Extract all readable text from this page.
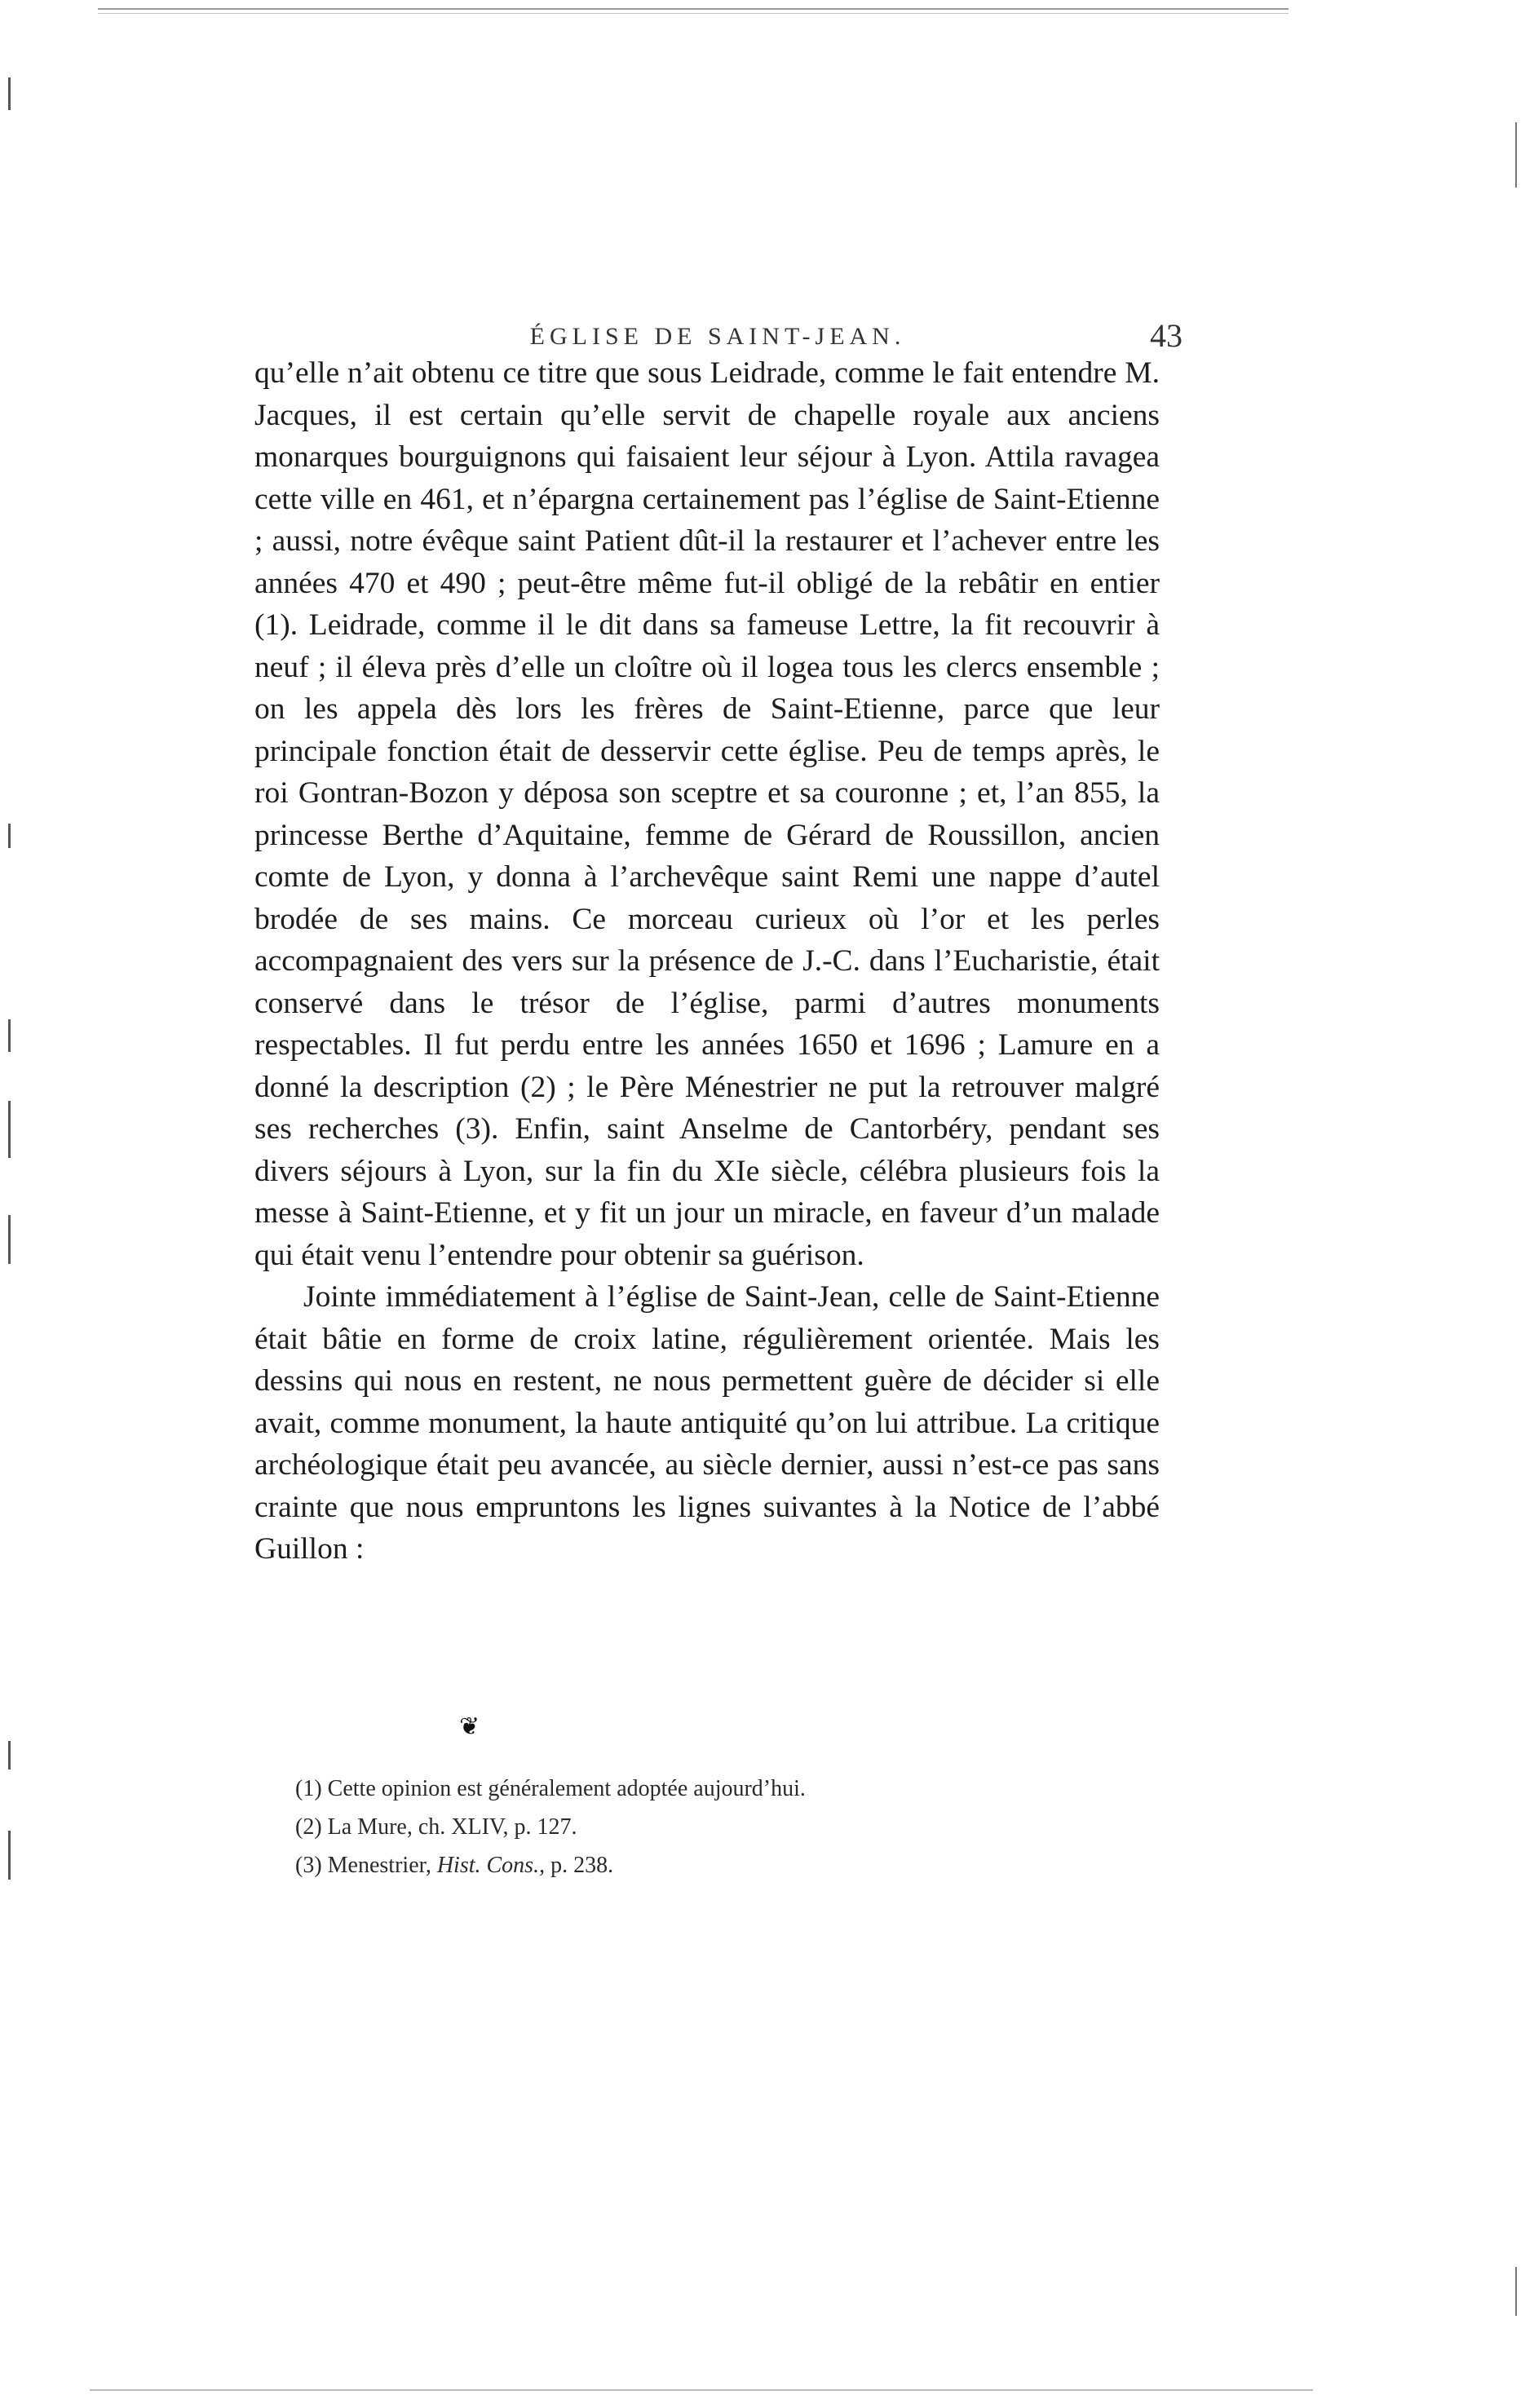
ÉGLISE DE SAINT-JEAN.	43

qu’elle n’ait obtenu ce titre que sous Leidrade, comme le fait entendre M. Jacques, il est certain qu’elle servit de chapelle royale aux anciens monarques bourguignons qui faisaient leur séjour à Lyon. Attila ravagea cette ville en 461, et n’épargna certainement pas l’église de Saint-Etienne ; aussi, notre évêque saint Patient dût-il la restaurer et l’achever entre les années 470 et 490 ; peut-être même fut-il obligé de la rebâtir en entier (1). Leidrade, comme il le dit dans sa fameuse Lettre, la fit recouvrir à neuf ; il éleva près d’elle un cloître où il logea tous les clercs ensemble ; on les appela dès lors les frères de Saint-Etienne, parce que leur principale fonction était de desservir cette église. Peu de temps après, le roi Gontran-Bozon y déposa son sceptre et sa couronne ; et, l’an 855, la princesse Berthe d’Aquitaine, femme de Gérard de Roussillon, ancien comte de Lyon, y donna à l’archevêque saint Remi une nappe d’autel brodée de ses mains. Ce morceau curieux où l’or et les perles accompagnaient des vers sur la présence de J.-C. dans l’Eucharistie, était conservé dans le trésor de l’église, parmi d’autres monuments respectables. Il fut perdu entre les années 1650 et 1696 ; Lamure en a donné la description (2) ; le Père Ménestrier ne put la retrouver malgré ses recherches (3). Enfin, saint Anselme de Cantorbéry, pendant ses divers séjours à Lyon, sur la fin du XIe siècle, célébra plusieurs fois la messe à Saint-Etienne, et y fit un jour un miracle, en faveur d’un malade qui était venu l’entendre pour obtenir sa guérison.

Jointe immédiatement à l’église de Saint-Jean, celle de Saint-Etienne était bâtie en forme de croix latine, régulièrement orientée. Mais les dessins qui nous en restent, ne nous permettent guère de décider si elle avait, comme monument, la haute antiquité qu’on lui attribue. La critique archéologique était peu avancée, au siècle dernier, aussi n’est-ce pas sans crainte que nous empruntons les lignes suivantes à la Notice de l’abbé Guillon :

❦
(1) Cette opinion est généralement adoptée aujourd’hui.
(2) La Mure, ch. XLIV, p. 127.
(3) Menestrier, Hist. Cons., p. 238.
